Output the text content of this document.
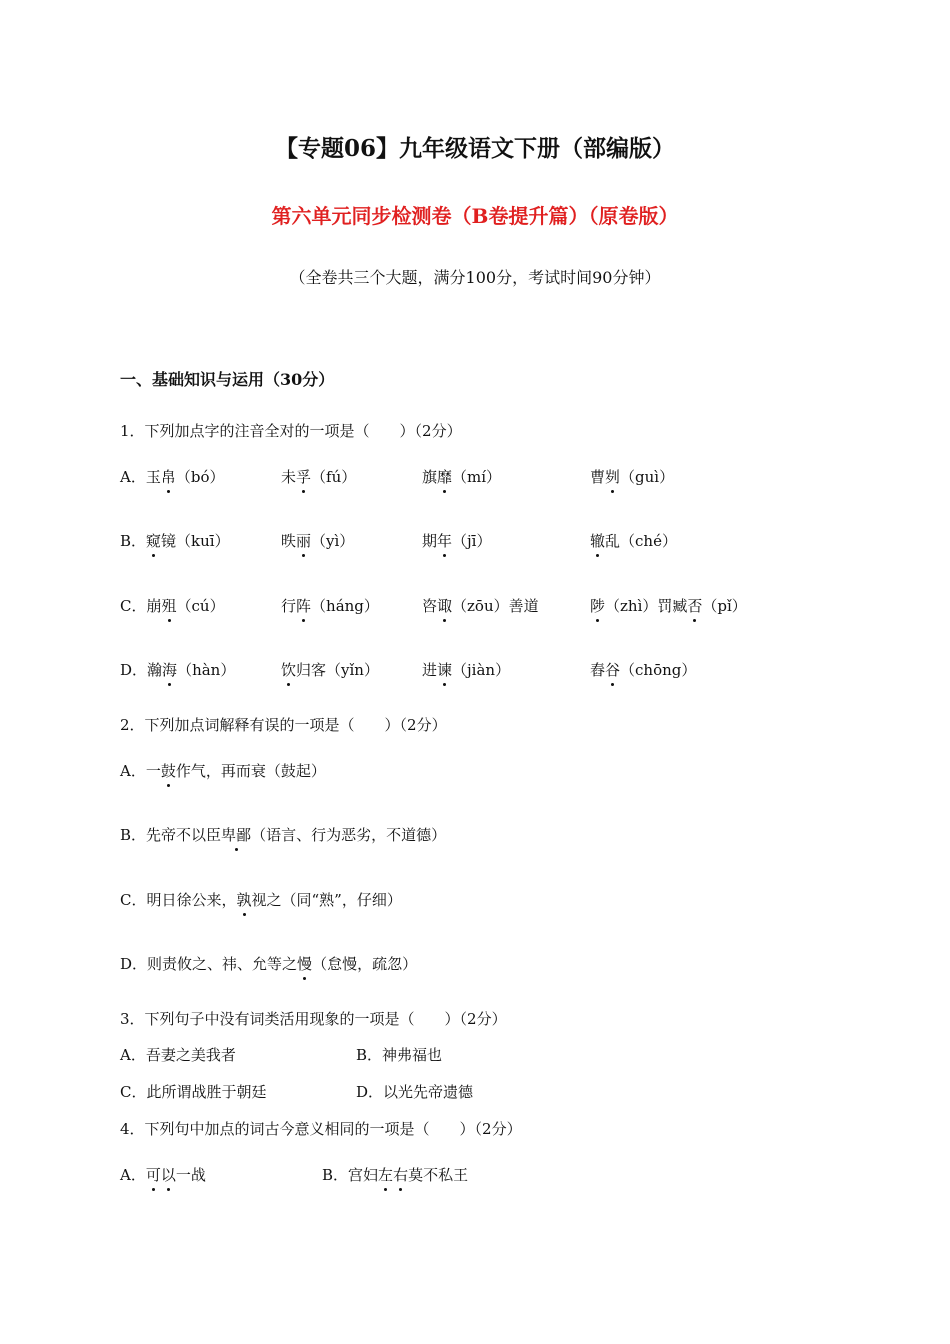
【专题06】九年级语文下册（部编版）
第六单元同步检测卷（B卷提升篇）（原卷版）
（全卷共三个大题，满分100分，考试时间90分钟）
一、基础知识与运用（30分）
1．下列加点字的注音全对的一项是（　　）（2分）
A．玉帛（bó）	未孚（fú）	旗靡（mí）	曹刿（guì）
B．窥镜（kuī）	昳丽（yì）	期年（jī）	辙乱（ché）
C．崩殂（cú）	行阵（háng）	咨诹（zōu）善道	陟（zhì）罚臧否（pǐ）
D．瀚海（hàn）	饮归客（yǐn）	进谏（jiàn）	舂谷（chōng）
2．下列加点词解释有误的一项是（　　）（2分）
A．一鼓作气，再而衰（鼓起）
B．先帝不以臣卑鄙（语言、行为恶劣，不道德）
C．明日徐公来，孰视之（同“熟”，仔细）
D．则责攸之、祎、允等之慢（怠慢，疏忽）
3．下列句子中没有词类活用现象的一项是（　　）（2分）
A．吾妻之美我者	B．神弗福也
C．此所谓战胜于朝廷	D．以光先帝遗德
4．下列句中加点的词古今意义相同的一项是（　　）（2分）
A．可以一战	B．宫妇左右莫不私王
